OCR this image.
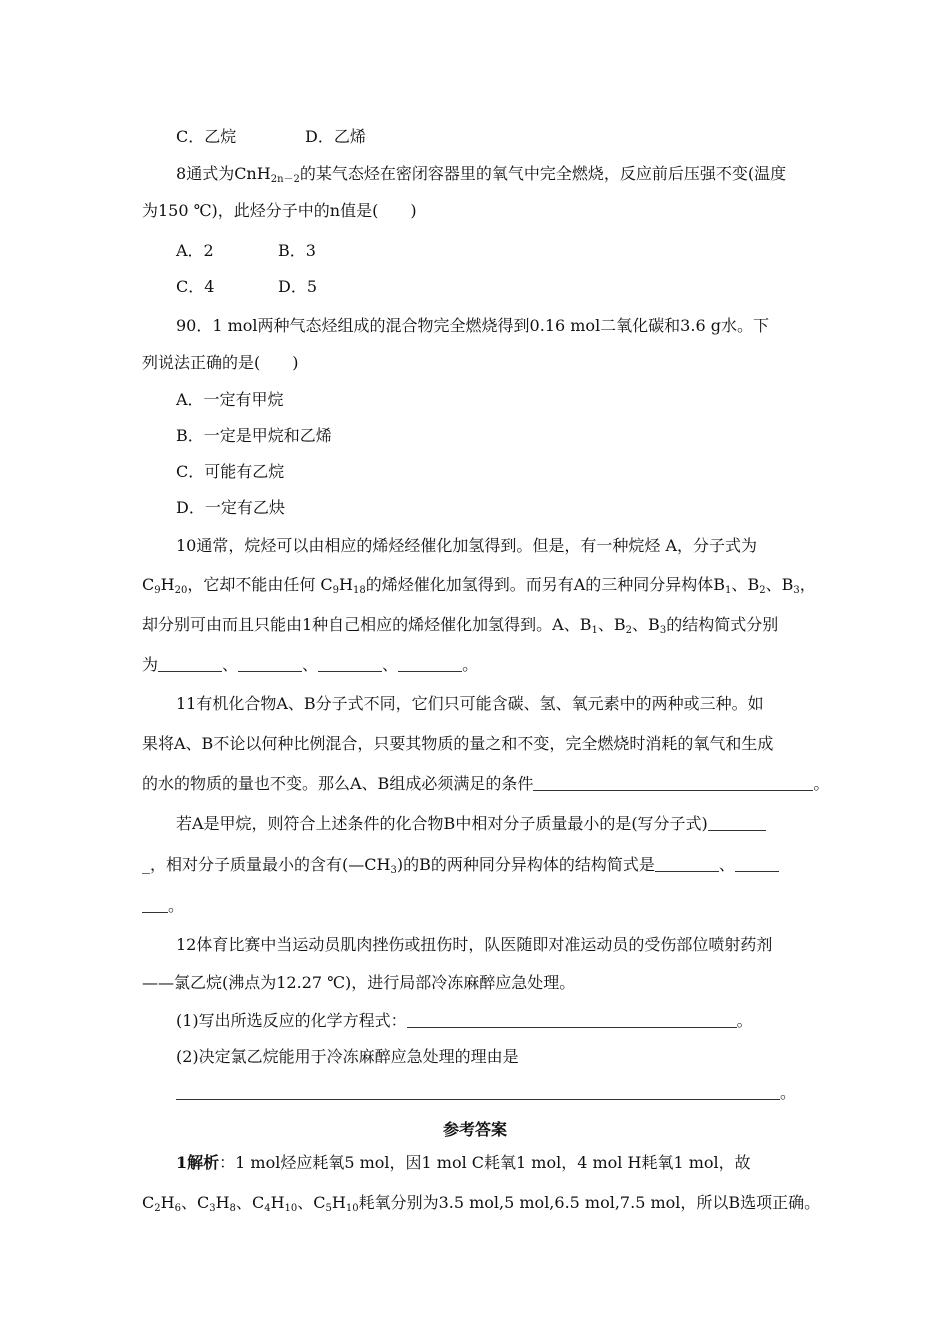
C．乙烷	D．乙烯
8通式为CnH$_{2n-2}$的某气态烃在密闭容器里的氧气中完全燃烧，反应前后压强不变(温度
为150 ℃)，此烃分子中的n值是(　　)
A．2	B．3
C．4	D．5
90．1 mol两种气态烃组成的混合物完全燃烧得到0.16 mol二氧化碳和3.6 g水。下
列说法正确的是(　　)
A．一定有甲烷
B．一定是甲烷和乙烯
C．可能有乙烷
D．一定有乙炔
10通常，烷烃可以由相应的烯烃经催化加氢得到。但是，有一种烷烃 A，分子式为
$C_9H_{20}$，它却不能由任何 $C_9H_{18}$的烯烃催化加氢得到。而另有A的三种同分异构体$B_1$、$B_2$、$B_3$，
却分别可由而且只能由1种自己相应的烯烃催化加氢得到。A、$B_1$、$B_2$、$B_3$的结构简式分别
为	、	、	、	。
11有机化合物A、B分子式不同，它们只可能含碳、氢、氧元素中的两种或三种。如
果将A、B不论以何种比例混合，只要其物质的量之和不变，完全燃烧时消耗的氧气和生成
的水的物质的量也不变。那么A、B组成必须满足的条件	。
若A是甲烷，则符合上述条件的化合物B中相对分子质量最小的是(写分子式)
_，相对分子质量最小的含有$(—CH_3)$的B的两种同分异构体的结构简式是	、
。
12体育比赛中当运动员肌肉挫伤或扭伤时，队医随即对准运动员的受伤部位喷射药剂
——氯乙烷(沸点为12.27 ℃)，进行局部冷冻麻醉应急处理。
(1)写出所选反应的化学方程式：	。
(2)决定氯乙烷能用于冷冻麻醉应急处理的理由是
。
参考答案
1解析：1 mol烃应耗氧5 mol，因1 mol C耗氧1 mol，4 mol H耗氧1 mol，故
$C_2H_6$、$C_3H_8$、$C_4H_{10}$、$C_5H_{10}$耗氧分别为3.5 mol,5 mol,6.5 mol,7.5 mol，所以B选项正确。
